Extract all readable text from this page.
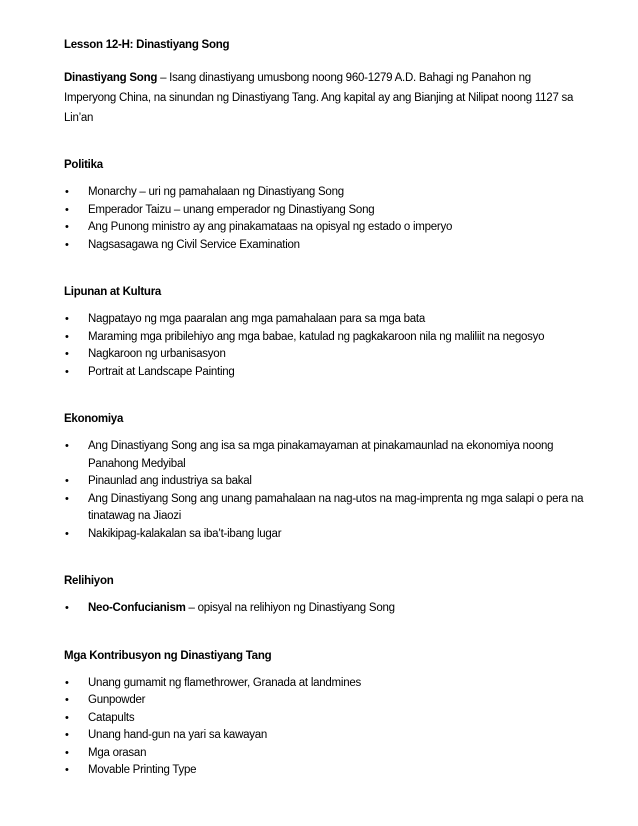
Lesson 12-H: Dinastiyang Song
Dinastiyang Song – Isang dinastiyang umusbong noong 960-1279 A.D. Bahagi ng Panahon ng Imperyong China, na sinundan ng Dinastiyang Tang. Ang kapital ay ang Bianjing at Nilipat noong 1127 sa Lin’an
Politika
• Monarchy – uri ng pamahalaan ng Dinastiyang Song
• Emperador Taizu – unang emperador ng Dinastiyang Song
• Ang Punong ministro ay ang pinakamataas na opisyal ng estado o imperyo
• Nagsasagawa ng Civil Service Examination
Lipunan at Kultura
• Nagpatayo ng mga paaralan ang mga pamahalaan para sa mga bata
• Maraming mga pribilehiyo ang mga babae, katulad ng pagkakaroon nila ng maliliit na negosyo
• Nagkaroon ng urbanisasyon
• Portrait at Landscape Painting
Ekonomiya
• Ang Dinastiyang Song ang isa sa mga pinakamayaman at pinakamaunlad na ekonomiya noong
Panahong Medyibal
• Pinaunlad ang industriya sa bakal
• Ang Dinastiyang Song ang unang pamahalaan na nag-utos na mag-imprenta ng mga salapi o pera na
tinatawag na Jiaozi
• Nakikipag-kalakalan sa iba’t-ibang lugar
Relihiyon
• Neo-Confucianism – opisyal na relihiyon ng Dinastiyang Song
Mga Kontribusyon ng Dinastiyang Tang
• Unang gumamit ng flamethrower, Granada at landmines
• Gunpowder
• Catapults
• Unang hand-gun na yari sa kawayan
• Mga orasan
• Movable Printing Type
